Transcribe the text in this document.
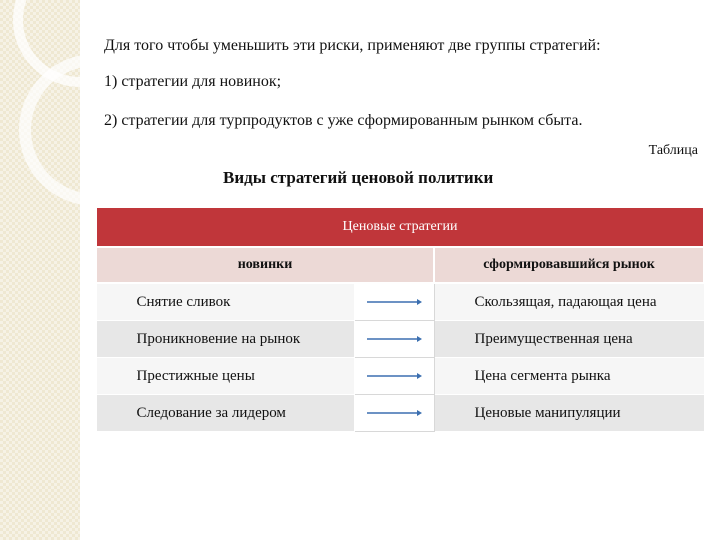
Для того чтобы уменьшить эти риски, применяют две группы стратегий:
1) стратегии для новинок;
2) стратегии для турпродуктов с уже сформированным рынком сбыта.
Таблица
Виды стратегий ценовой политики
Ценовые стратегии		
новинки		сформировавшийся рынок
Снятие сливок		Скользящая, падающая цена
Проникновение на рынок		Преимущественная цена
Престижные цены		Цена сегмента рынка
Следование за лидером		Ценовые манипуляции
